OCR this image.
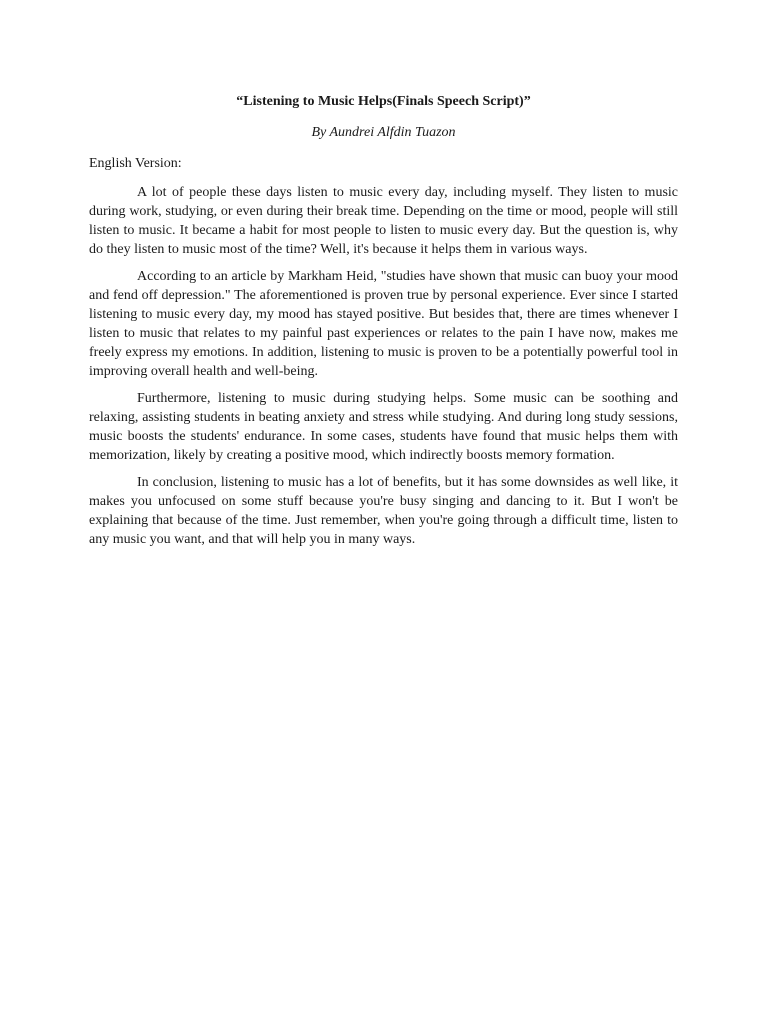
“Listening to Music Helps(Finals Speech Script)”

By Aundrei Alfdin Tuazon

English Version:

A lot of people these days listen to music every day, including myself. They listen to music during work, studying, or even during their break time. Depending on the time or mood, people will still listen to music. It became a habit for most people to listen to music every day. But the question is, why do they listen to music most of the time? Well, it's because it helps them in various ways.

According to an article by Markham Heid, "studies have shown that music can buoy your mood and fend off depression." The aforementioned is proven true by personal experience. Ever since I started listening to music every day, my mood has stayed positive. But besides that, there are times whenever I listen to music that relates to my painful past experiences or relates to the pain I have now, makes me freely express my emotions. In addition, listening to music is proven to be a potentially powerful tool in improving overall health and well-being.

Furthermore, listening to music during studying helps. Some music can be soothing and relaxing, assisting students in beating anxiety and stress while studying. And during long study sessions, music boosts the students' endurance. In some cases, students have found that music helps them with memorization, likely by creating a positive mood, which indirectly boosts memory formation.

In conclusion, listening to music has a lot of benefits, but it has some downsides as well like, it makes you unfocused on some stuff because you're busy singing and dancing to it. But I won't be explaining that because of the time. Just remember, when you're going through a difficult time, listen to any music you want, and that will help you in many ways.
